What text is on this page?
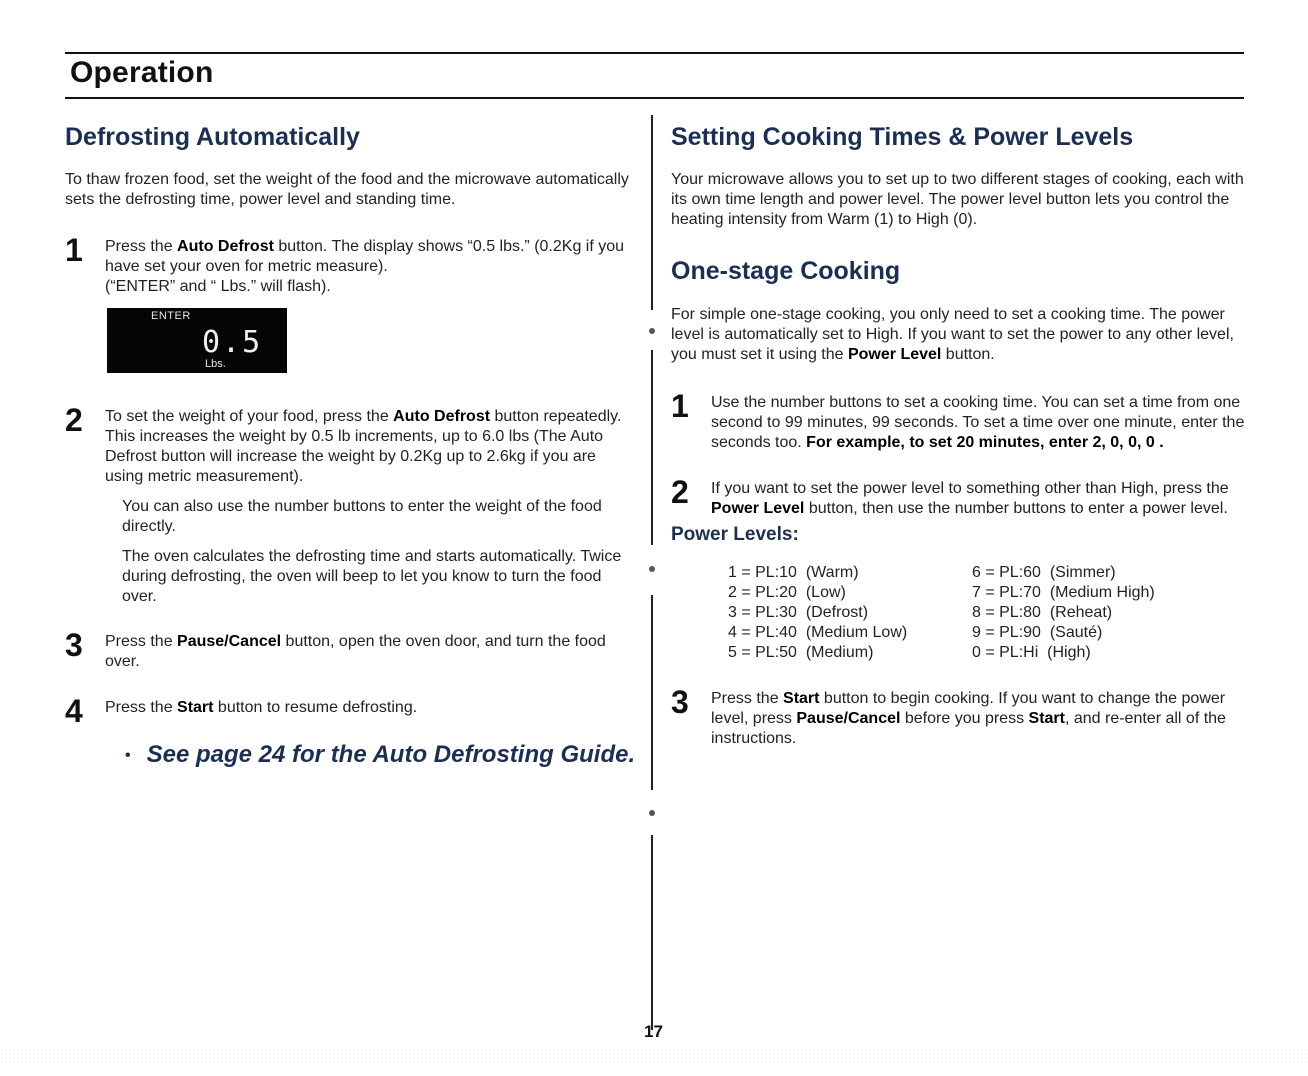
Operation
Defrosting Automatically

To thaw frozen food, set the weight of the food and the microwave automatically sets the defrosting time, power level and standing time.

1 Press the Auto Defrost button. The display shows “0.5 lbs.” (0.2Kg if you have set your oven for metric measure).
(“ENTER” and “ Lbs.” will flash).

ENTER
0.5
Lbs.
2 To set the weight of your food, press the Auto Defrost button repeatedly. This increases the weight by 0.5 lb increments, up to 6.0 lbs (The Auto Defrost button will increase the weight by 0.2Kg up to 2.6kg if you are using metric measurement).

You can also use the number buttons to enter the weight of the food directly.

The oven calculates the defrosting time and starts automatically. Twice during defrosting, the oven will beep to let you know to turn the food over.

3 Press the Pause/Cancel button, open the oven door, and turn the food over.

4 Press the Start button to resume defrosting.

• See page 24 for the Auto Defrosting Guide.

Setting Cooking Times & Power Levels

Your microwave allows you to set up to two different stages of cooking, each with its own time length and power level. The power level button lets you control the heating intensity from Warm (1) to High (0).

One-stage Cooking

For simple one-stage cooking, you only need to set a cooking time. The power level is automatically set to High. If you want to set the power to any other level, you must set it using the Power Level button.

1 Use the number buttons to set a cooking time. You can set a time from one second to 99 minutes, 99 seconds. To set a time over one minute, enter the seconds too. For example, to set 20 minutes, enter 2, 0, 0, 0 .

2 If you want to set the power level to something other than High, press the Power Level button, then use the number buttons to enter a power level.

Power Levels:
1 = PL:10  (Warm)	6 = PL:60  (Simmer)
2 = PL:20  (Low)	7 = PL:70  (Medium High)
3 = PL:30  (Defrost)	8 = PL:80  (Reheat)
4 = PL:40  (Medium Low)	9 = PL:90  (Sauté)
5 = PL:50  (Medium)	0 = PL:Hi  (High)
3 Press the Start button to begin cooking. If you want to change the power level, press Pause/Cancel before you press Start, and re-enter all of the instructions.

17
